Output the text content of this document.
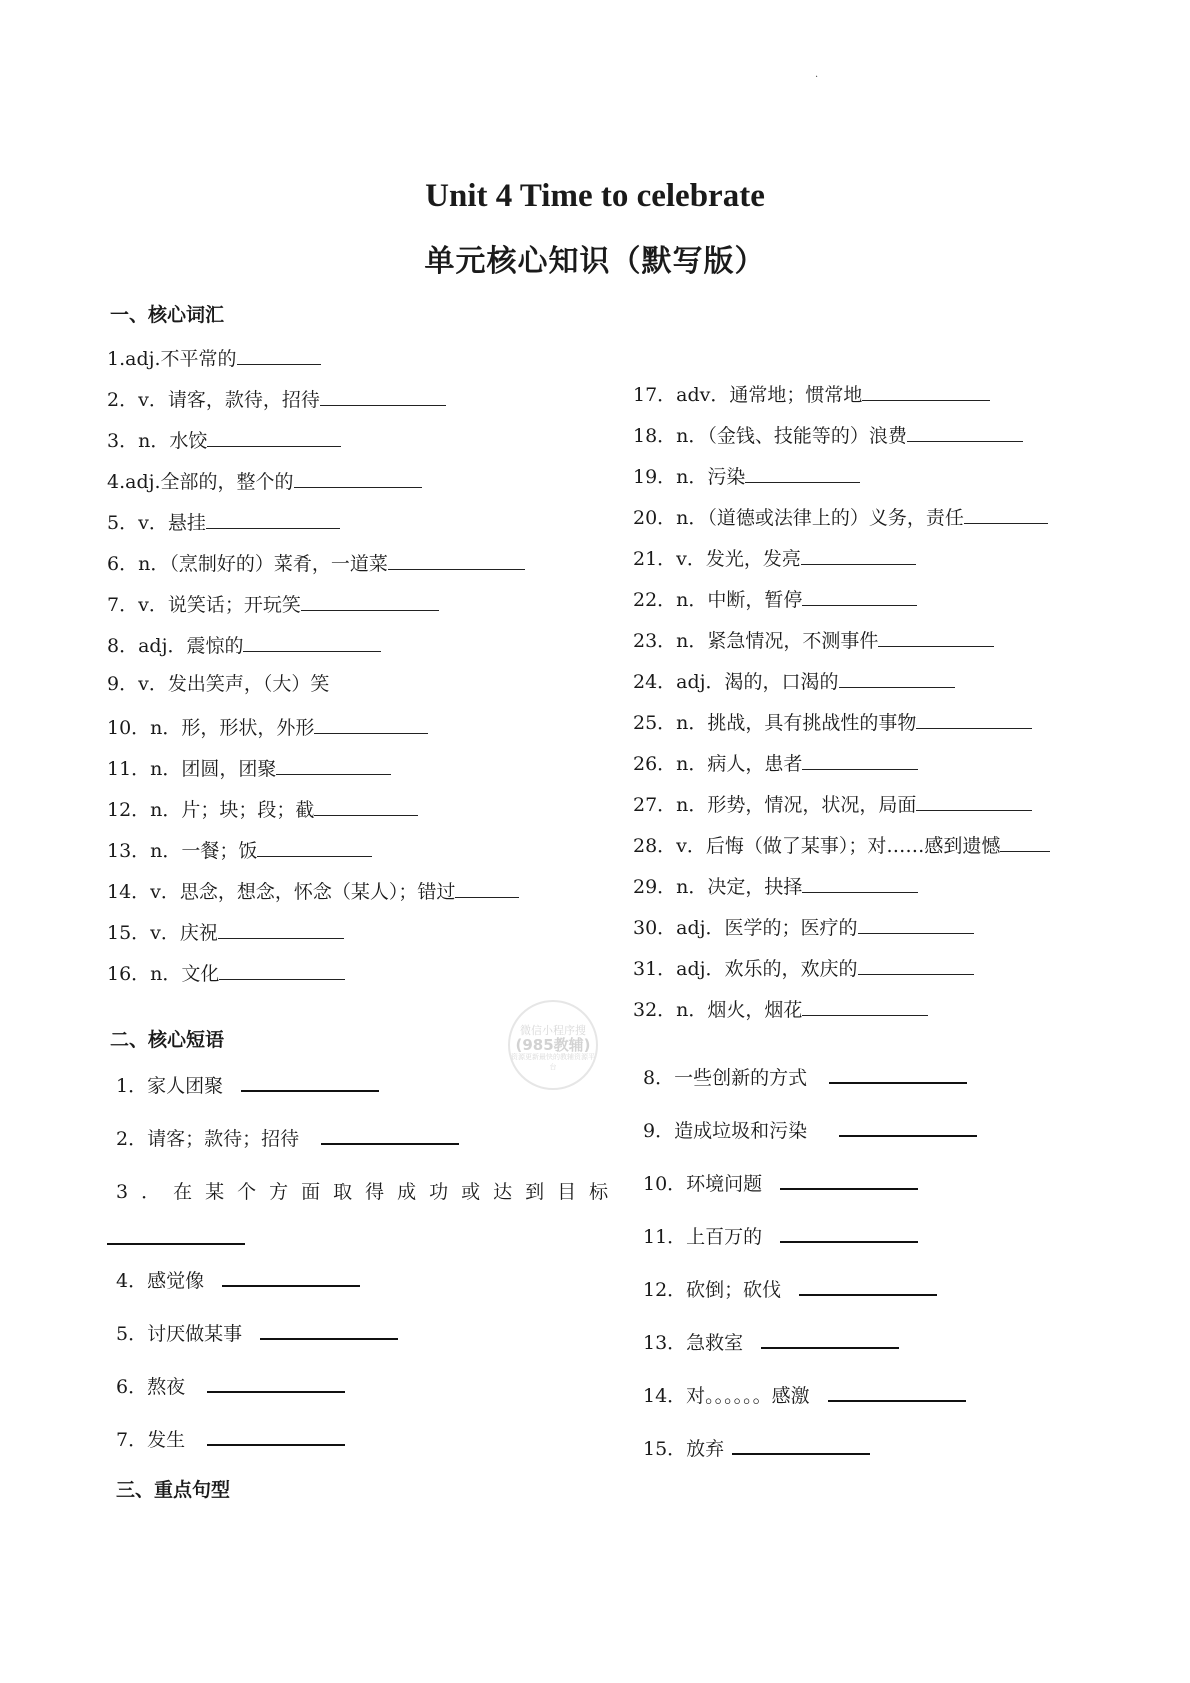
·
Unit 4 Time to celebrate
单元核心知识（默写版）
一、核心词汇
1.adj.不平常的
2．v．请客，款待，招待
3．n．水饺
4.adj.全部的，整个的
5．v．悬挂
6．n．（烹制好的）菜肴，一道菜
7．v．说笑话；开玩笑
8．adj．震惊的
9．v．发出笑声，（大）笑
10．n．形，形状，外形
11．n．团圆，团聚
12．n．片；块；段；截
13．n．一餐；饭
14．v．思念，想念，怀念（某人）；错过
15．v．庆祝
16．n．文化
17．adv．通常地；惯常地
18．n．（金钱、技能等的）浪费
19．n．污染
20．n．（道德或法律上的）义务，责任
21．v．发光，发亮
22．n．中断，暂停
23．n．紧急情况，不测事件
24．adj．渴的，口渴的
25．n．挑战，具有挑战性的事物
26．n．病人，患者
27．n．形势，情况，状况，局面
28．v．后悔（做了某事）；对……感到遗憾
29．n．决定，抉择
30．adj．医学的；医疗的
31．adj．欢乐的，欢庆的
32．n．烟火，烟花
二、核心短语	微信小程序搜
(985教辅)
资源更新最快的教辅资源平台
1．家人团聚
2．请客；款待；招待
3．在某个方面取得成功或达到目标
4．感觉像
5．讨厌做某事
6．熬夜
7．发生
8．一些创新的方式
9．造成垃圾和污染
10．环境问题
11．上百万的
12．砍倒；砍伐
13．急救室
14．对。。。。。。感激
15．放弃
三、重点句型
